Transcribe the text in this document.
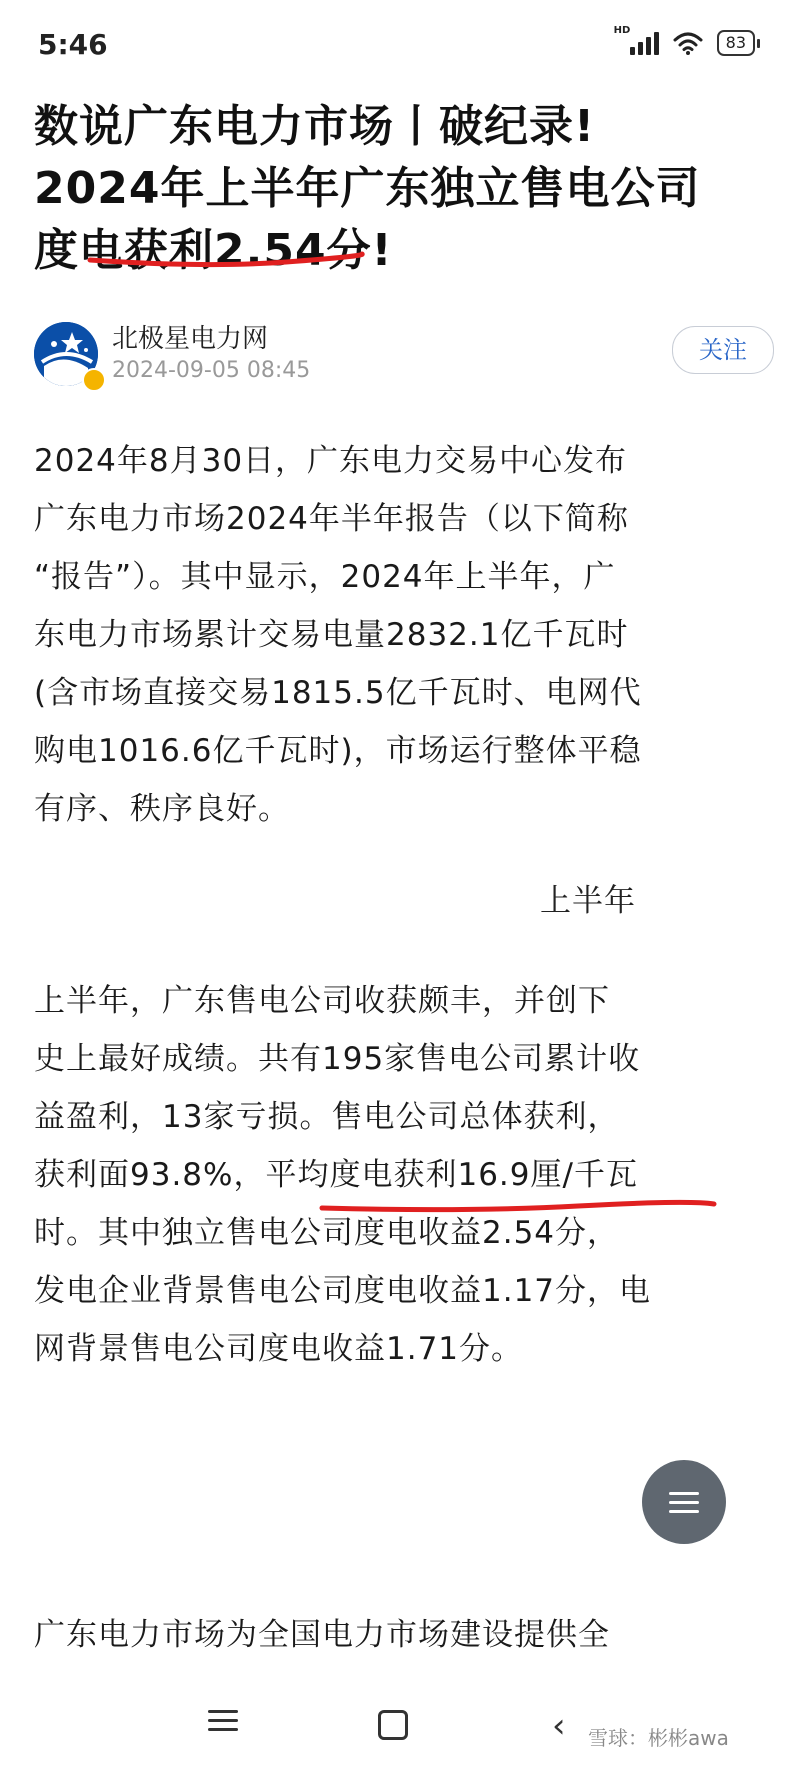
5:46	HD
83
数说广东电力市场丨破纪录!
2024年上半年广东独立售电公司
度电获利2.54分!
北极星电力网
2024-09-05 08:45
关注
2024年8月30日，广东电力交易中心发布
广东电力市场2024年半年报告（以下简称
“报告”）。其中显示，2024年上半年，广
东电力市场累计交易电量2832.1亿千瓦时
(含市场直接交易1815.5亿千瓦时、电网代
购电1016.6亿千瓦时)，市场运行整体平稳
有序、秩序良好。
上半年
上半年，广东售电公司收获颇丰，并创下
史上最好成绩。共有195家售电公司累计收
益盈利，13家亏损。售电公司总体获利，
获利面93.8%，平均度电获利16.9厘/千瓦
时。其中独立售电公司度电收益2.54分，
发电企业背景售电公司度电收益1.17分，电
网背景售电公司度电收益1.71分。
广东电力市场为全国电力市场建设提供全
‹ 雪球：彬彬awa
